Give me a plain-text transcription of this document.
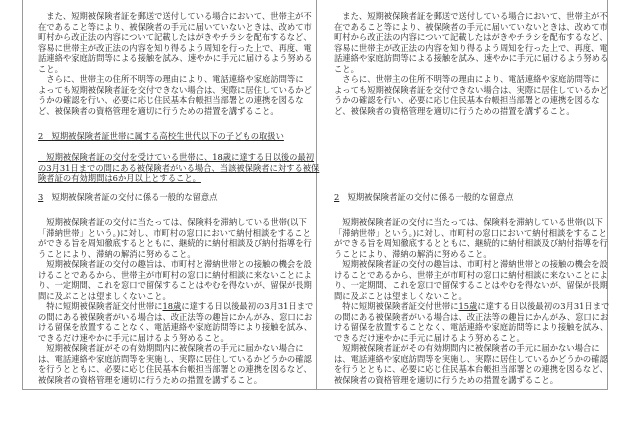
　また、短期被保険者証を郵送で送付している場合において、世帯主が不
在であること等により、被保険者の手元に届いていないときは、改めて市
町村から改正法の内容について記載したはがきやチラシを配布するなど、
容易に世帯主が改正法の内容を知り得るよう周知を行った上で、再度、電
話連絡や家庭訪問等による接触を試み、速やかに手元に届けるよう努める
こと。
　さらに、世帯主の住所不明等の理由により、電話連絡や家庭訪問等に
よっても短期被保険者証を交付できない場合は、実際に居住しているかど
うかの確認を行い、必要に応じ住民基本台帳担当部署との連携を図るな
ど、被保険者の資格管理を適切に行うための措置を講ずること。
2　短期被保険者証世帯に属する高校生世代以下の子どもの取扱い
　短期被保険者証の交付を受けている世帯に、18歳に達する日以後の最初
の3月31日までの間にある被保険者がいる場合、当該被保険者に対する被保
険者証の有効期間は6か月以上とすること。
3　短期被保険者証の交付に係る一般的な留意点
　短期被保険者証の交付に当たっては、保険料を滞納している世帯(以下
「滞納世帯」という。)に対し、市町村の窓口において納付相談をすること
ができる旨を周知徹底するとともに、継続的に納付相談及び納付指導を行
うことにより、滞納の解消に努めること。
　短期被保険者証の交付の趣旨は、市町村と滞納世帯との接触の機会を設
けることであるから、世帯主が市町村の窓口に納付相談に来ないことによ
り、一定期間、これを窓口で留保することはやむを得ないが、留保が長期
間に及ぶことは望ましくないこと。
　特に短期被保険者証交付世帯に18歳に達する日以後最初の3月31日まで
の間にある被保険者がいる場合は、改正法等の趣旨にかんがみ、窓口にお
ける留保を放置することなく、電話連絡や家庭訪問等により接触を試み、
できるだけ速やかに手元に届けるよう努めること。
　短期被保険者証がその有効期間内に被保険者の手元に届かない場合に
は、電話連絡や家庭訪問等を実施し、実際に居住しているかどうかの確認
を行うとともに、必要に応じ住民基本台帳担当部署との連携を図るなど、
被保険者の資格管理を適切に行うための措置を講ずること。
　また、短期被保険者証を郵送で送付している場合において、世帯主が不
在であること等により、被保険者の手元に届いていないときは、改めて市
町村から改正法の内容について記載したはがきやチラシを配布するなど、
容易に世帯主が改正法の内容を知り得るよう周知を行った上で、再度、電
話連絡や家庭訪問等による接触を試み、速やかに手元に届けるよう努める
こと。
　さらに、世帯主の住所不明等の理由により、電話連絡や家庭訪問等に
よっても短期被保険者証を交付できない場合は、実際に居住しているかど
うかの確認を行い、必要に応じ住民基本台帳担当部署との連携を図るな
ど、被保険者の資格管理を適切に行うための措置を講ずること。
2　短期被保険者証の交付に係る一般的な留意点
　短期被保険者証の交付に当たっては、保険料を滞納している世帯(以下
「滞納世帯」という。)に対し、市町村の窓口において納付相談をすること
ができる旨を周知徹底するとともに、継続的に納付相談及び納付指導を行
うことにより、滞納の解消に努めること。
　短期被保険者証の交付の趣旨は、市町村と滞納世帯との接触の機会を設
けることであるから、世帯主が市町村の窓口に納付相談に来ないことによ
り、一定期間、これを窓口で留保することはやむを得ないが、留保が長期
間に及ぶことは望ましくないこと。
　特に短期被保険者証交付世帯に15歳に達する日以後最初の3月31日まで
の間にある被保険者がいる場合は、改正法等の趣旨にかんがみ、窓口にお
ける留保を放置することなく、電話連絡や家庭訪問等により接触を試み、
できるだけ速やかに手元に届けるよう努めること。
　短期被保険者証がその有効期間内に被保険者の手元に届かない場合に
は、電話連絡や家庭訪問等を実施し、実際に居住しているかどうかの確認
を行うとともに、必要に応じ住民基本台帳担当部署との連携を図るなど、
被保険者の資格管理を適切に行うための措置を講ずること。
